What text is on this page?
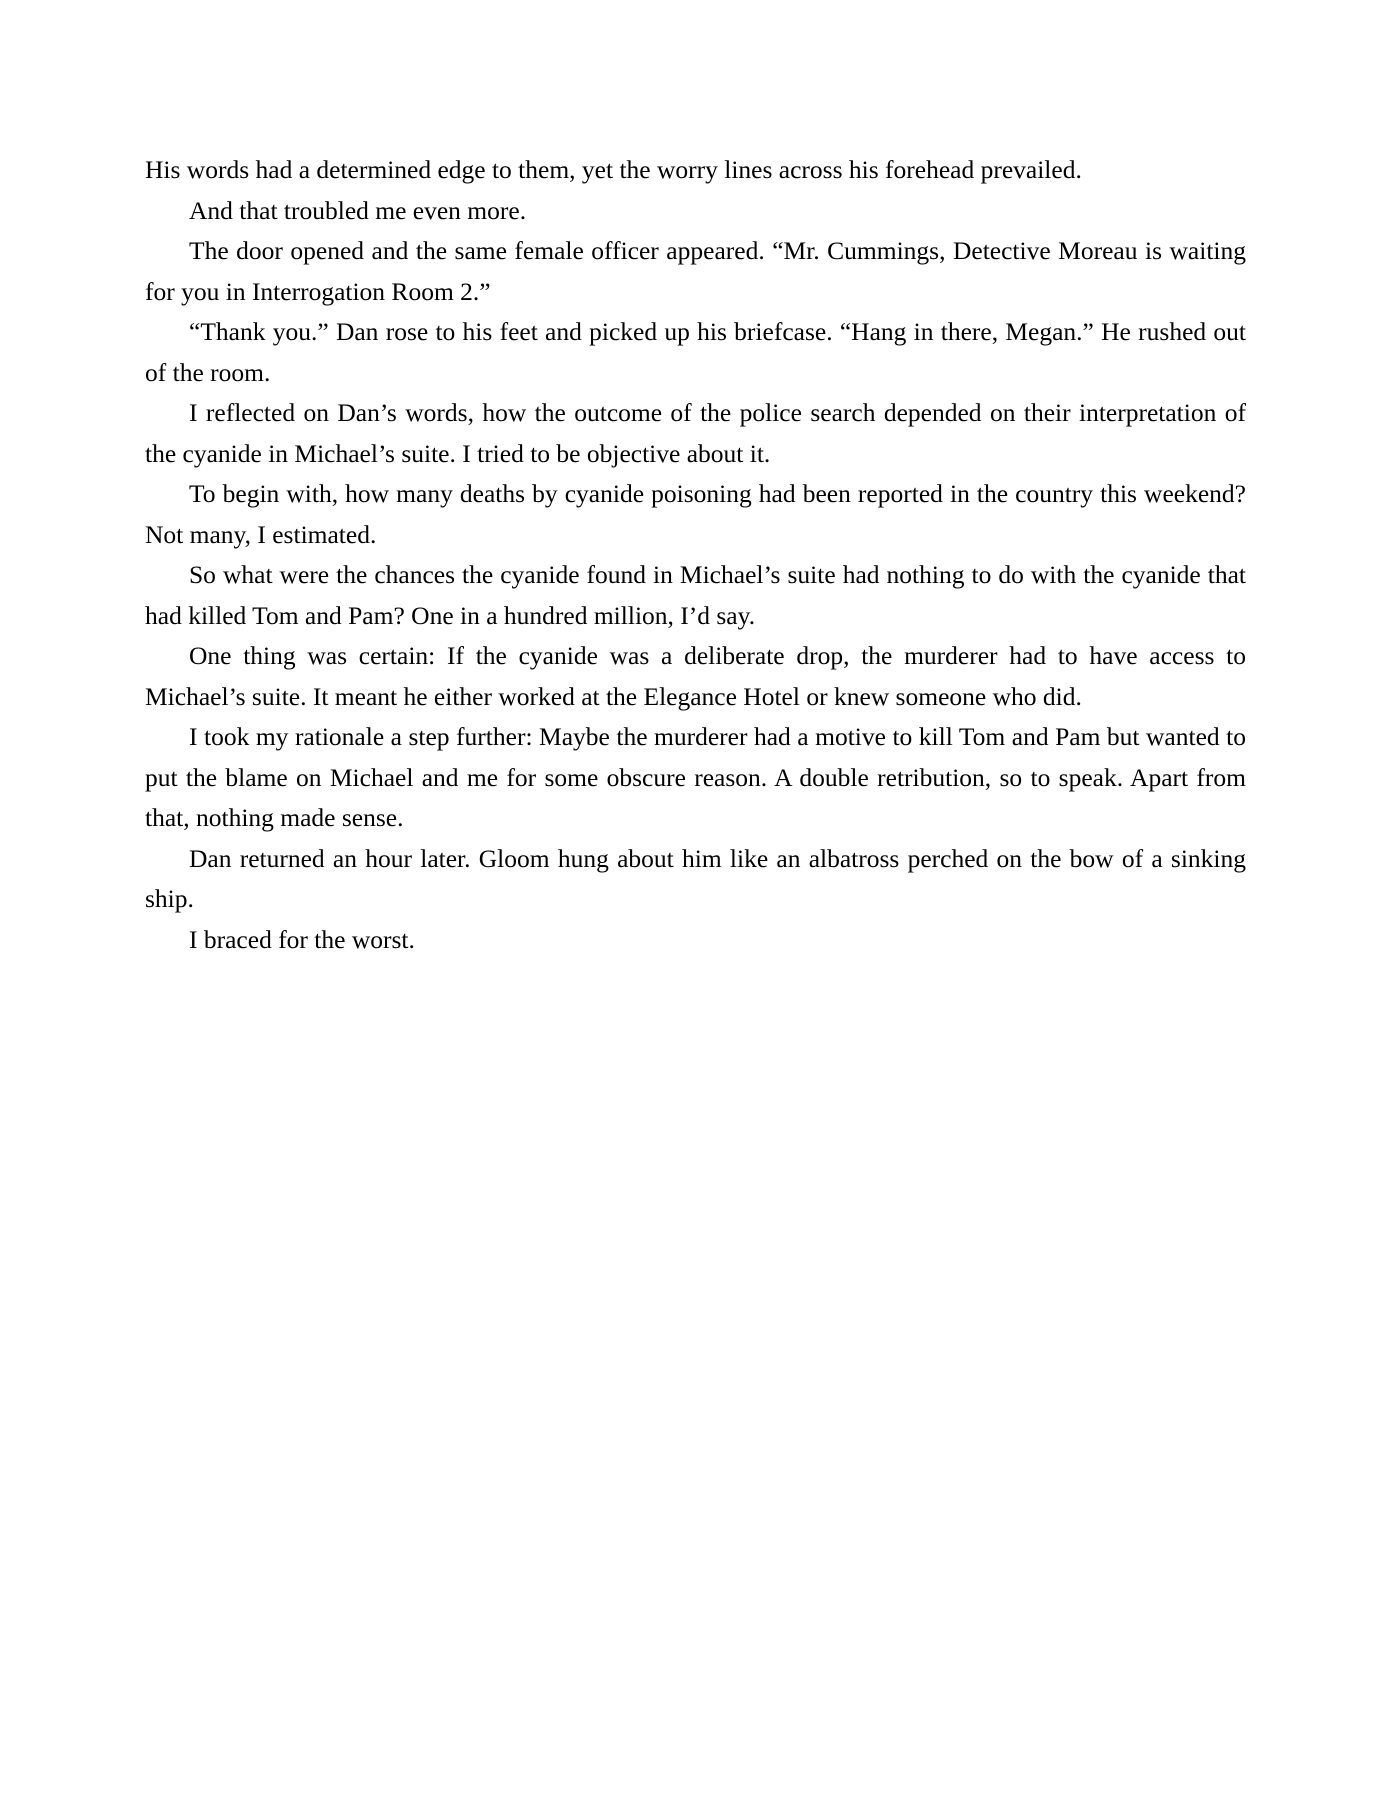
His words had a determined edge to them, yet the worry lines across his forehead prevailed.

And that troubled me even more.

The door opened and the same female officer appeared. “Mr. Cummings, Detective Moreau is waiting for you in Interrogation Room 2.”

“Thank you.” Dan rose to his feet and picked up his briefcase. “Hang in there, Megan.” He rushed out of the room.

I reflected on Dan’s words, how the outcome of the police search depended on their interpretation of the cyanide in Michael’s suite. I tried to be objective about it.

To begin with, how many deaths by cyanide poisoning had been reported in the country this weekend? Not many, I estimated.

So what were the chances the cyanide found in Michael’s suite had nothing to do with the cyanide that had killed Tom and Pam? One in a hundred million, I’d say.

One thing was certain: If the cyanide was a deliberate drop, the murderer had to have access to Michael’s suite. It meant he either worked at the Elegance Hotel or knew someone who did.

I took my rationale a step further: Maybe the murderer had a motive to kill Tom and Pam but wanted to put the blame on Michael and me for some obscure reason. A double retribution, so to speak. Apart from that, nothing made sense.

Dan returned an hour later. Gloom hung about him like an albatross perched on the bow of a sinking ship.

I braced for the worst.
